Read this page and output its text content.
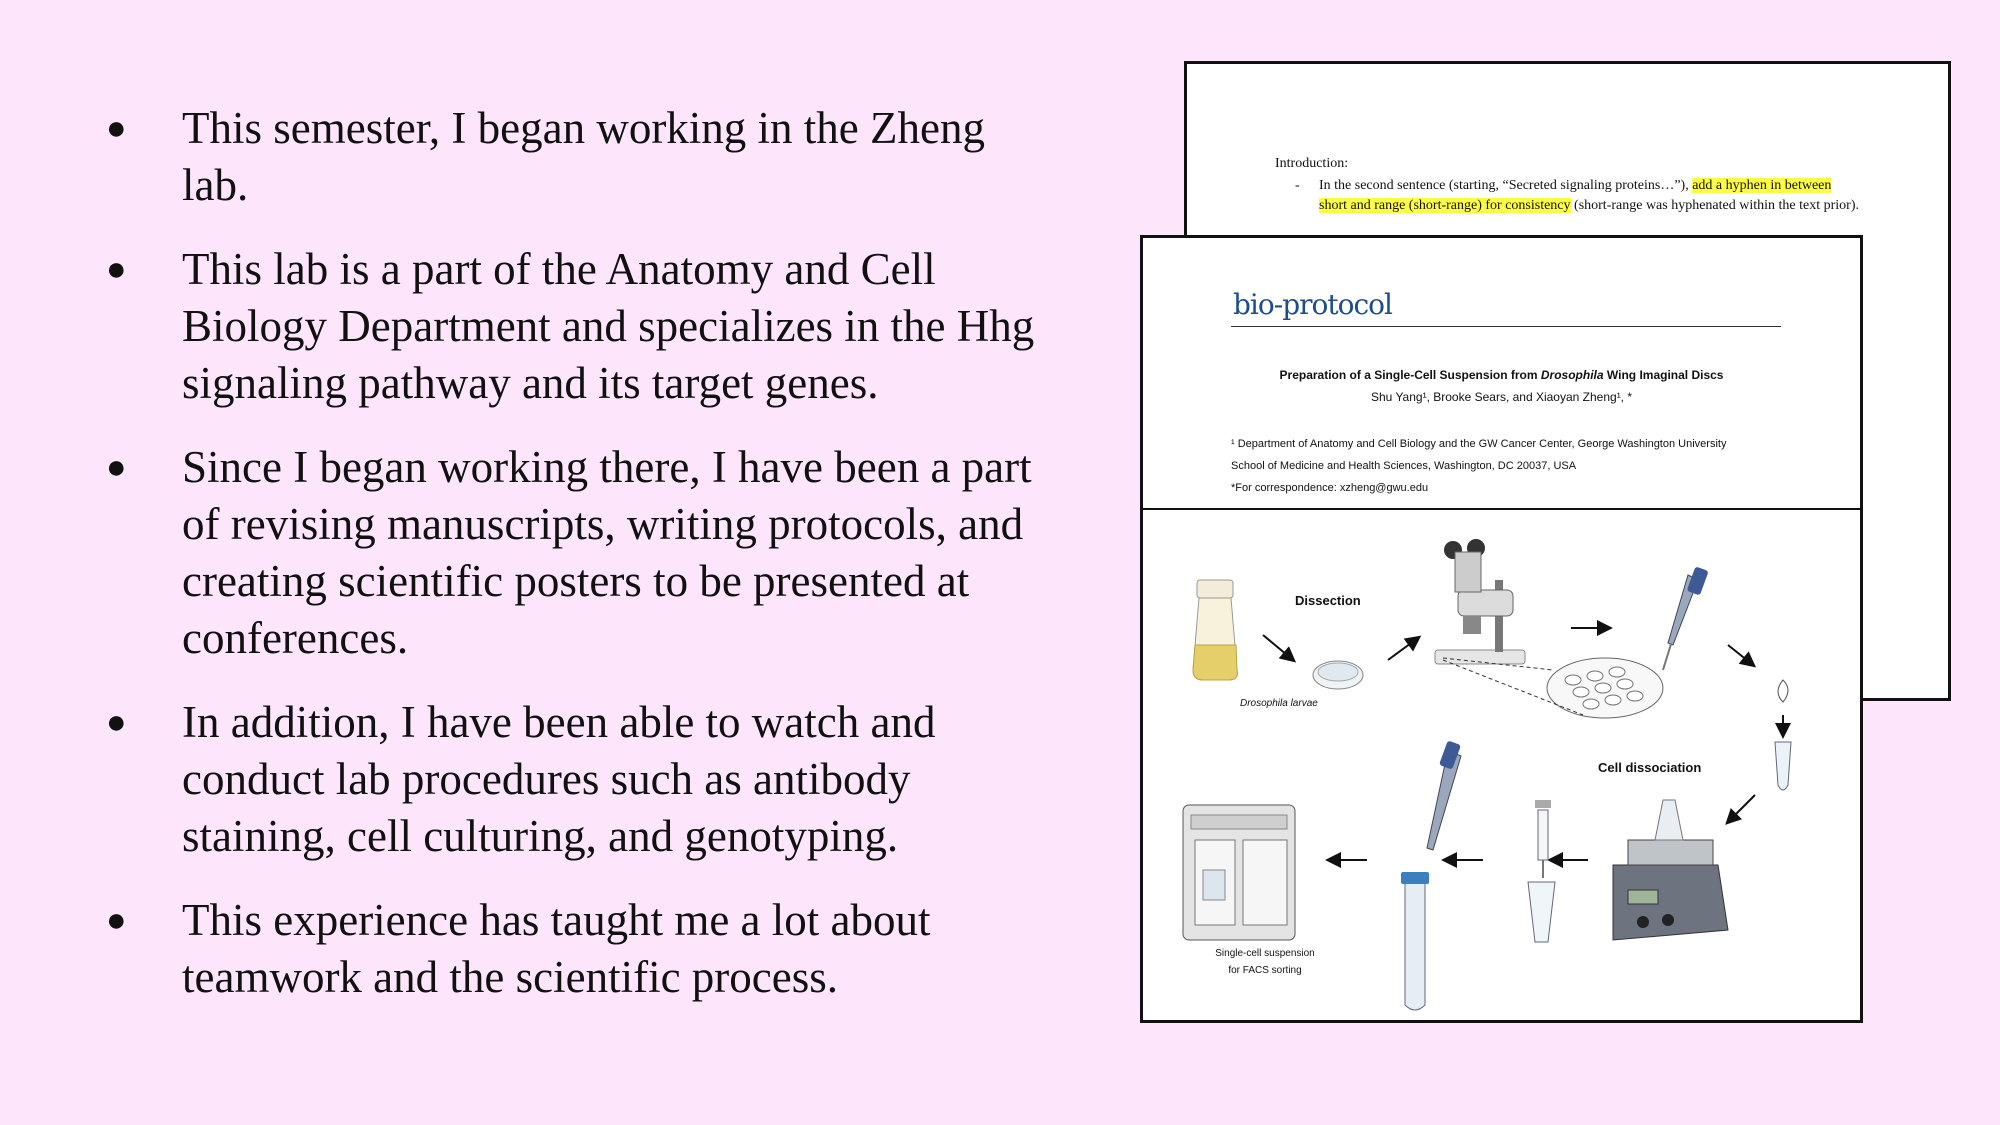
● This semester, I began working in the Zheng lab.
● This lab is a part of the Anatomy and Cell Biology Department and specializes in the Hhg signaling pathway and its target genes.
● Since I began working there, I have been a part of revising manuscripts, writing protocols, and creating scientific posters to be presented at conferences.
● In addition, I have been able to watch and conduct lab procedures such as antibody staining, cell culturing, and genotyping.
● This experience has taught me a lot about teamwork and the scientific process.
Introduction:
- In the second sentence (starting, “Secreted signaling proteins…”), add a hyphen in between short and range (short-range) for consistency (short-range was hyphenated within the text prior).
bio-protocol
Preparation of a Single-Cell Suspension from Drosophila Wing Imaginal Discs
Shu Yang¹, Brooke Sears, and Xiaoyan Zheng¹, *
¹ Department of Anatomy and Cell Biology and the GW Cancer Center, George Washington University
School of Medicine and Health Sciences, Washington, DC 20037, USA
*For correspondence: xzheng@gwu.edu
Drosophila larvae
Dissection
Cell dissociation
Single-cell suspension
for FACS sorting
